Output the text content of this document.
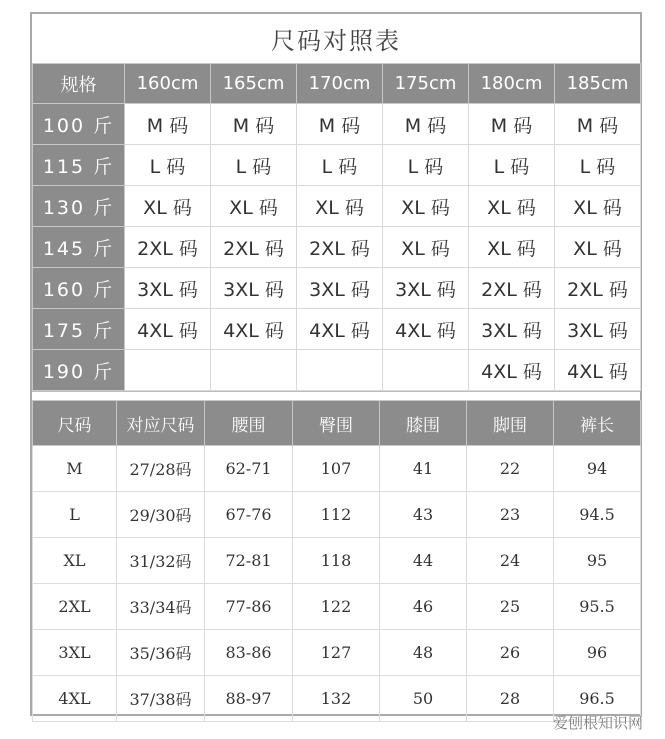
尺码对照表
规格	160cm	165cm	170cm	175cm	180cm	185cm
100 斤	M 码	M 码	M 码	M 码	M 码	M 码
115 斤	L 码	L 码	L 码	L 码	L 码	L 码
130 斤	XL 码	XL 码	XL 码	XL 码	XL 码	XL 码
145 斤	2XL 码	2XL 码	2XL 码	XL 码	XL 码	XL 码
160 斤	3XL 码	3XL 码	3XL 码	3XL 码	2XL 码	2XL 码
175 斤	4XL 码	4XL 码	4XL 码	4XL 码	3XL 码	3XL 码
190 斤					4XL 码	4XL 码
尺码	对应尺码	腰围	臀围	膝围	脚围	裤长
M	27/28码	62-71	107	41	22	94
L	29/30码	67-76	112	43	23	94.5
XL	31/32码	72-81	118	44	24	95
2XL	33/34码	77-86	122	46	25	95.5
3XL	35/36码	83-86	127	48	26	96
4XL	37/38码	88-97	132	50	28	96.5
爱刨根知识网
